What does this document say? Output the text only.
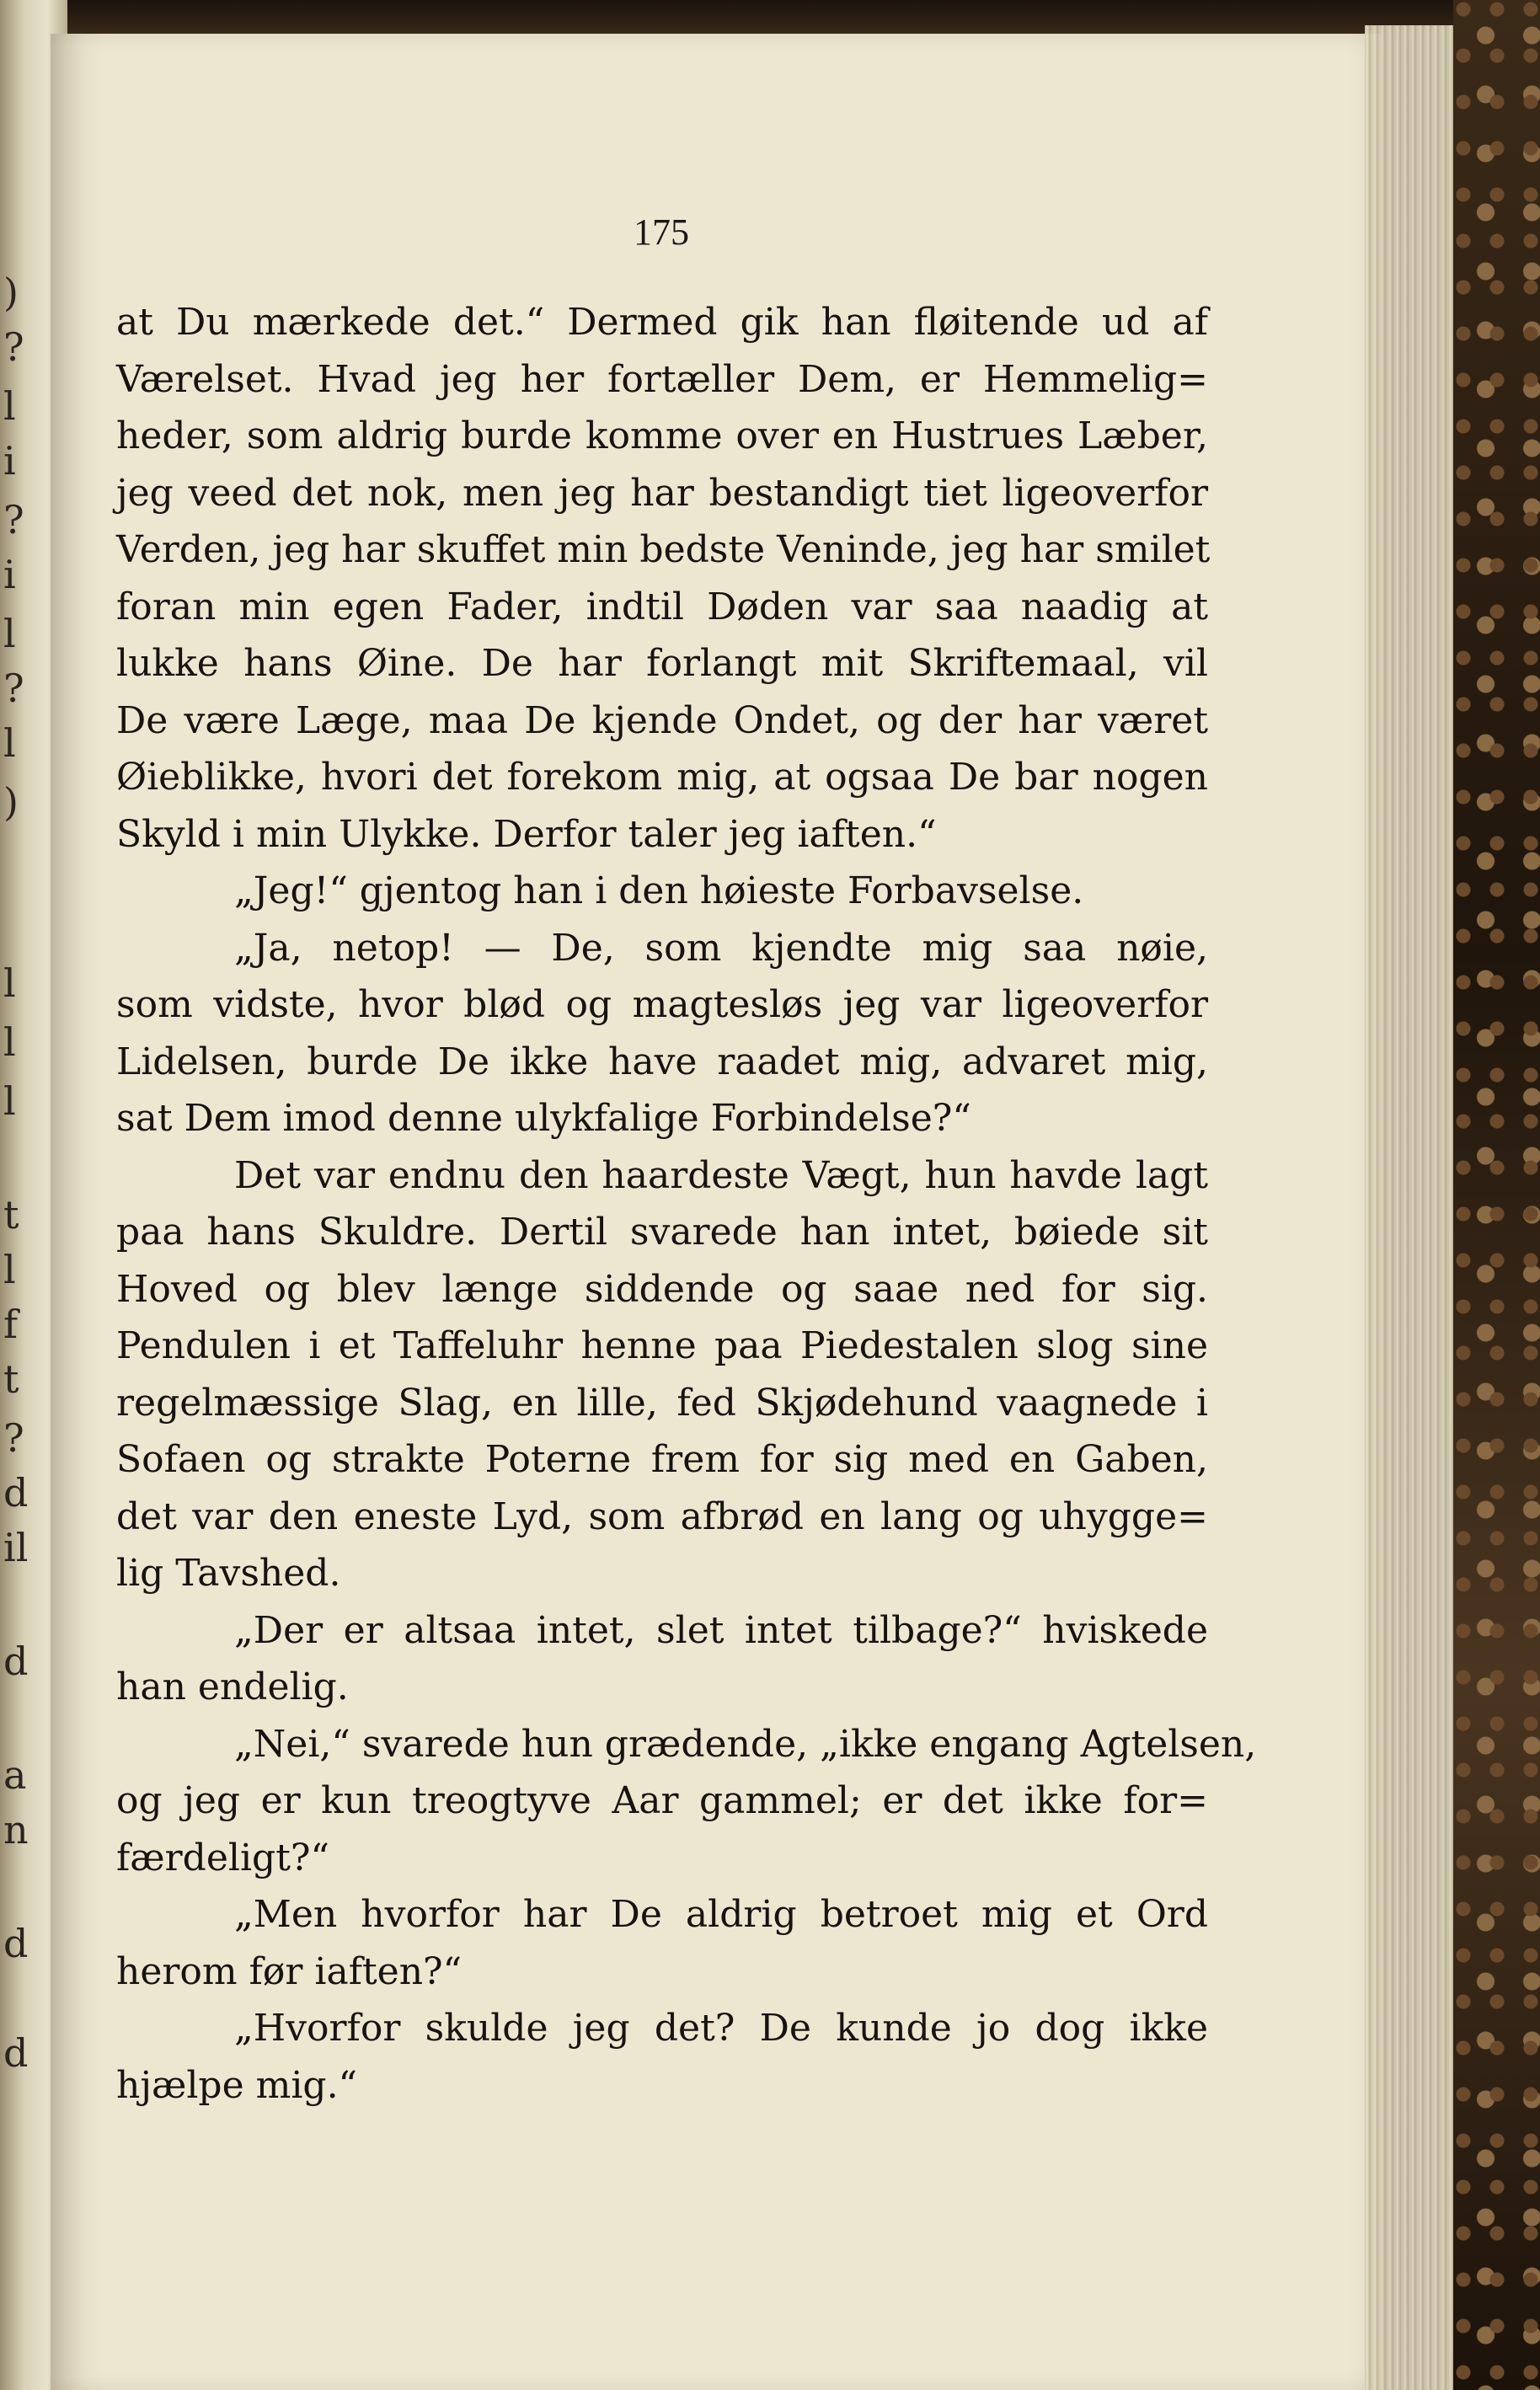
)
?
l
i
?
i
l
?
l
)
l
l
l
t
l
f
t
?
d
il
d
a
n
d
d
175
at Du mærkede det.“ Dermed gik han fløitende ud af
Værelset. Hvad jeg her fortæller Dem, er Hemmelig=
heder, som aldrig burde komme over en Hustrues Læber,
jeg veed det nok, men jeg har bestandigt tiet ligeoverfor
Verden, jeg har skuffet min bedste Veninde, jeg har smilet
foran min egen Fader, indtil Døden var saa naadig at
lukke hans Øine. De har forlangt mit Skriftemaal, vil
De være Læge, maa De kjende Ondet, og der har været
Øieblikke, hvori det forekom mig, at ogsaa De bar nogen
Skyld i min Ulykke. Derfor taler jeg iaften.“
„Jeg!“ gjentog han i den høieste Forbavselse.
„Ja, netop! — De, som kjendte mig saa nøie,
som vidste, hvor blød og magtesløs jeg var ligeoverfor
Lidelsen, burde De ikke have raadet mig, advaret mig,
sat Dem imod denne ulykfalige Forbindelse?“
Det var endnu den haardeste Vægt, hun havde lagt
paa hans Skuldre. Dertil svarede han intet, bøiede sit
Hoved og blev længe siddende og saae ned for sig.
Pendulen i et Taffeluhr henne paa Piedestalen slog sine
regelmæssige Slag, en lille, fed Skjødehund vaagnede i
Sofaen og strakte Poterne frem for sig med en Gaben,
det var den eneste Lyd, som afbrød en lang og uhygge=
lig Tavshed.
„Der er altsaa intet, slet intet tilbage?“ hviskede
han endelig.
„Nei,“ svarede hun grædende, „ikke engang Agtelsen,
og jeg er kun treogtyve Aar gammel; er det ikke for=
færdeligt?“
„Men hvorfor har De aldrig betroet mig et Ord
herom før iaften?“
„Hvorfor skulde jeg det? De kunde jo dog ikke
hjælpe mig.“
